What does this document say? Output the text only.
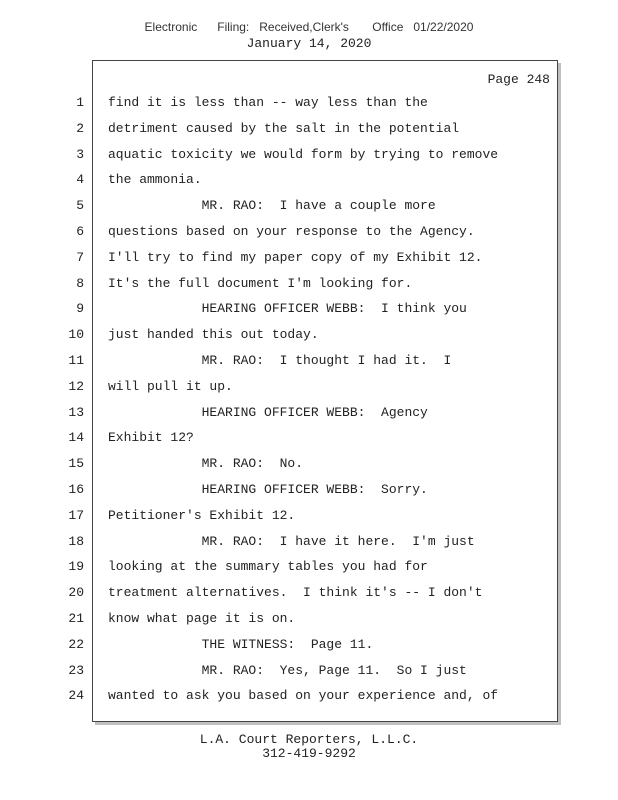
Electronic      Filing:   Received,Clerk's       Office   01/22/2020
January 14, 2020
Page 248
1 find it is less than -- way less than the
2 detriment caused by the salt in the potential
3 aquatic toxicity we would form by trying to remove
4 the ammonia.
5 MR. RAO:  I have a couple more
6 questions based on your response to the Agency.
7 I'll try to find my paper copy of my Exhibit 12.
8 It's the full document I'm looking for.
9 HEARING OFFICER WEBB:  I think you
10 just handed this out today.
11 MR. RAO:  I thought I had it.  I
12 will pull it up.
13 HEARING OFFICER WEBB:  Agency
14 Exhibit 12?
15 MR. RAO:  No.
16 HEARING OFFICER WEBB:  Sorry.
17 Petitioner's Exhibit 12.
18 MR. RAO:  I have it here.  I'm just
19 looking at the summary tables you had for
20 treatment alternatives.  I think it's -- I don't
21 know what page it is on.
22 THE WITNESS:  Page 11.
23 MR. RAO:  Yes, Page 11.  So I just
24 wanted to ask you based on your experience and, of
L.A. Court Reporters, L.L.C.
312-419-9292
